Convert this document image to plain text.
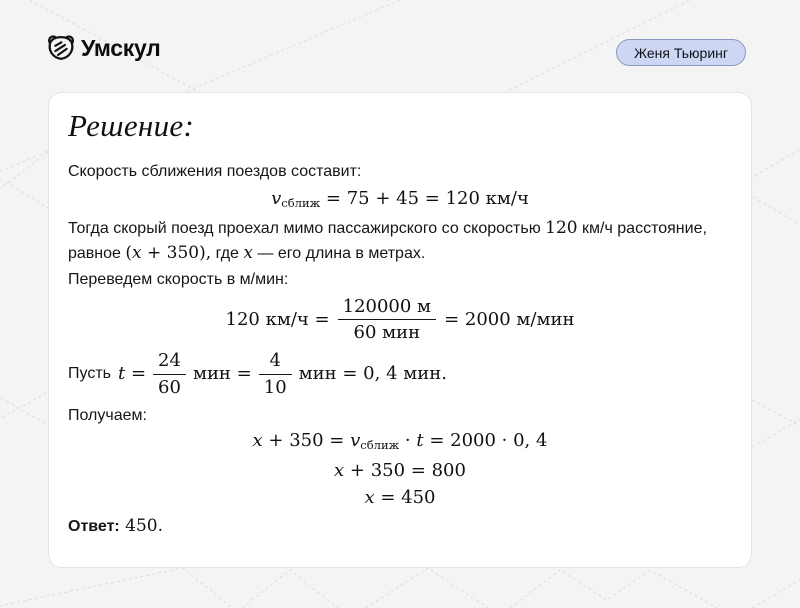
Умскул	Женя Тьюринг
Решение:

Скорость сближения поездов составит:

$v_{сближ} = 75 + 45 = 120$ км/ч

Тогда скорый поезд проехал мимо пассажирского со скоростью 120 км/ч расстояние,
равное (x + 350), где x — его длина в метрах.

Переведем скорость в м/мин:

120 $км/ч = \frac{120000 м}{\text{60 мин}} = 2000$ м/мин

Пусть $t = \frac{24}{60}$ мин = $\frac{4}{10}$ мин = 0, 4 мин.

Получаем:

$x + 350 = v_{сближ} \cdot t = 2000 \cdot 0$, 4
x + 350 = 800
x = 450

Ответ: 450.
